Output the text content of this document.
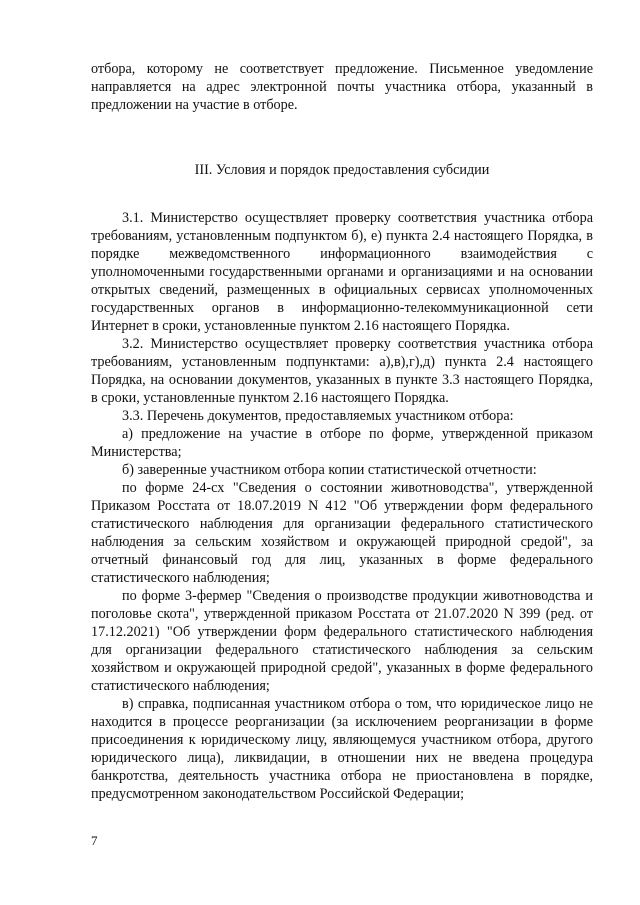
отбора, которому не соответствует предложение. Письменное уведомление направляется на адрес электронной почты участника отбора, указанный в предложении на участие в отборе.

III. Условия и порядок предоставления субсидии

3.1. Министерство осуществляет проверку соответствия участника отбора требованиям, установленным подпунктом б), е) пункта 2.4 настоящего Порядка, в порядке межведомственного информационного взаимодействия с уполномоченными государственными органами и организациями и на основании открытых сведений, размещенных в официальных сервисах уполномоченных государственных органов в информационно-телекоммуникационной сети Интернет в сроки, установленные пунктом 2.16 настоящего Порядка.

3.2. Министерство осуществляет проверку соответствия участника отбора требованиям, установленным подпунктами: а),в),г),д) пункта 2.4 настоящего Порядка, на основании документов, указанных в пункте 3.3 настоящего Порядка, в сроки, установленные пунктом 2.16 настоящего Порядка.

3.3. Перечень документов, предоставляемых участником отбора:

а) предложение на участие в отборе по форме, утвержденной приказом Министерства;

б) заверенные участником отбора копии статистической отчетности:

по форме 24-сх "Сведения о состоянии животноводства", утвержденной Приказом Росстата от 18.07.2019 N 412 "Об утверждении форм федерального статистического наблюдения для организации федерального статистического наблюдения за сельским хозяйством и окружающей природной средой", за отчетный финансовый год для лиц, указанных в форме федерального статистического наблюдения;

по форме 3-фермер "Сведения о производстве продукции животноводства и поголовье скота", утвержденной приказом Росстата от 21.07.2020 N 399 (ред. от 17.12.2021) "Об утверждении форм федерального статистического наблюдения для организации федерального статистического наблюдения за сельским хозяйством и окружающей природной средой", указанных в форме федерального статистического наблюдения;

в) справка, подписанная участником отбора о том, что юридическое лицо не находится в процессе реорганизации (за исключением реорганизации в форме присоединения к юридическому лицу, являющемуся участником отбора, другого юридического лица), ликвидации, в отношении них не введена процедура банкротства, деятельность участника отбора не приостановлена в порядке, предусмотренном законодательством Российской Федерации;

7
